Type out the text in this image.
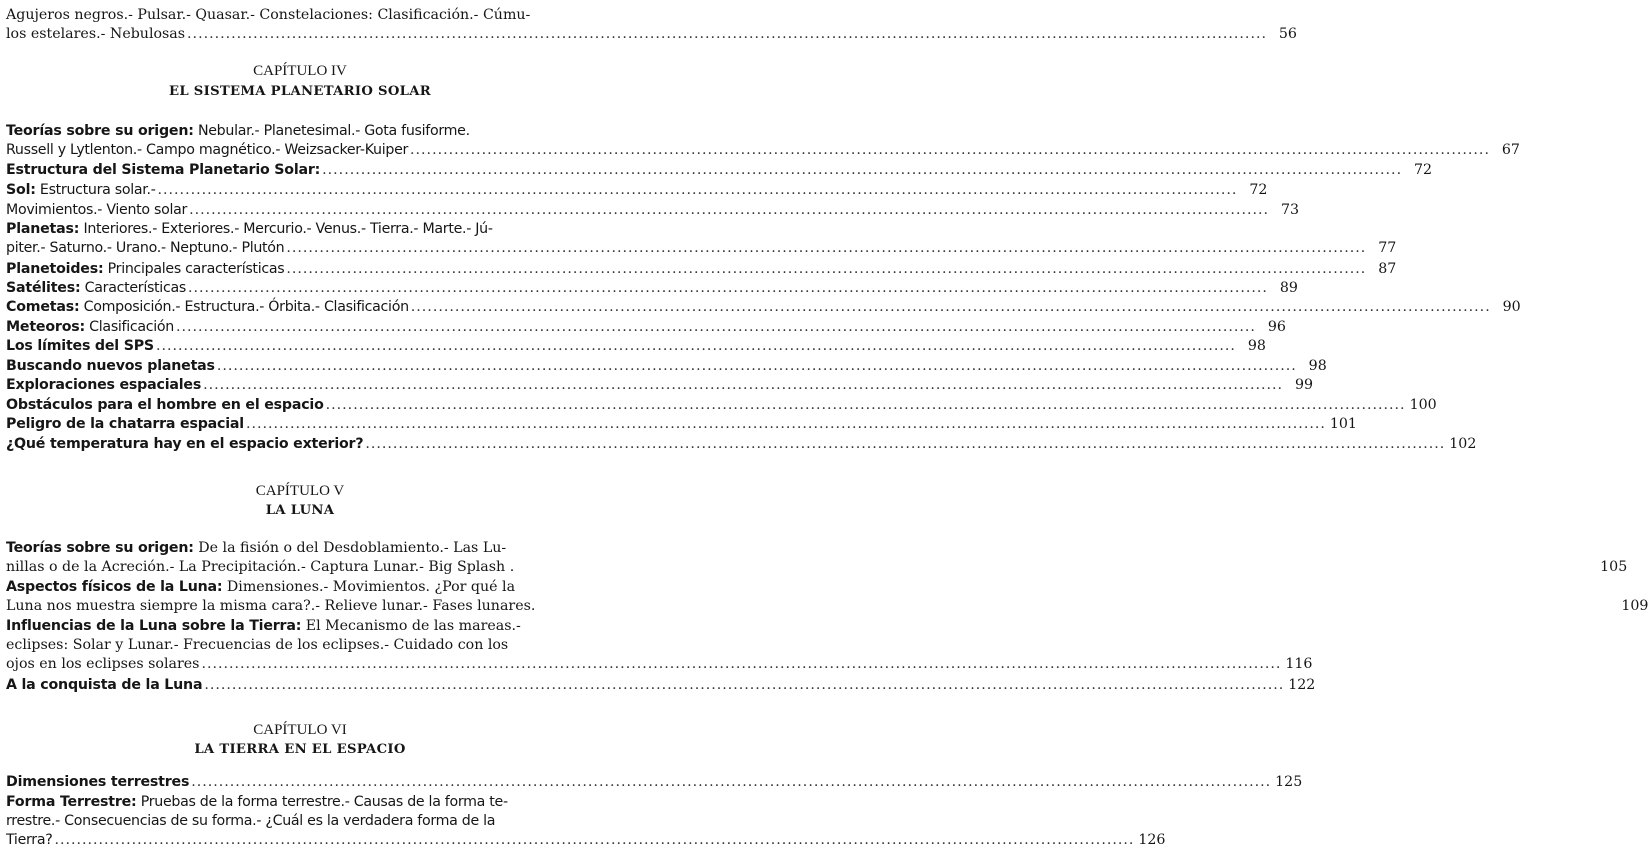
Agujeros negros.- Pulsar.- Quasar.- Constelaciones: Clasificación.- Cúmu-
los estelares.- Nebulosas .....	56
CAPÍTULO IV
EL SISTEMA PLANETARIO SOLAR
Teorías sobre su origen: Nebular.- Planetesimal.- Gota fusiforme.
Russell y Lytlenton.- Campo magnético.- Weizsacker-Kuiper .....	67
Estructura del Sistema Planetario Solar: .....	72
Sol: Estructura solar.- .....	72
Movimientos.- Viento solar .....	73
Planetas: Interiores.- Exteriores.- Mercurio.- Venus.- Tierra.- Marte.- Jú-
piter.- Saturno.- Urano.- Neptuno.- Plutón .....	77
Planetoides: Principales características .....	87
Satélites: Características .....	89
Cometas: Composición.- Estructura.- Órbita.- Clasificación .....	90
Meteoros: Clasificación .....	96
Los límites del SPS .....	98
Buscando nuevos planetas .....	98
Exploraciones espaciales .....	99
Obstáculos para el hombre en el espacio .....	100
Peligro de la chatarra espacial .....	101
¿Qué temperatura hay en el espacio exterior? .....	102
CAPÍTULO V
LA LUNA
Teorías sobre su origen: De la fisión o del Desdoblamiento.- Las Lu-
nillas o de la Acreción.- La Precipitación.- Captura Lunar.- Big Splash .	105
Aspectos físicos de la Luna: Dimensiones.- Movimientos. ¿Por qué la
Luna nos muestra siempre la misma cara?.- Relieve lunar.- Fases lunares.	109
Influencias de la Luna sobre la Tierra: El Mecanismo de las mareas.-
eclipses: Solar y Lunar.- Frecuencias de los eclipses.- Cuidado con los
ojos en los eclipses solares .....	116
A la conquista de la Luna .....	122
CAPÍTULO VI
LA TIERRA EN EL ESPACIO
Dimensiones terrestres .....	125
Forma Terrestre: Pruebas de la forma terrestre.- Causas de la forma te-
rrestre.- Consecuencias de su forma.- ¿Cuál es la verdadera forma de la
Tierra? .....	126
